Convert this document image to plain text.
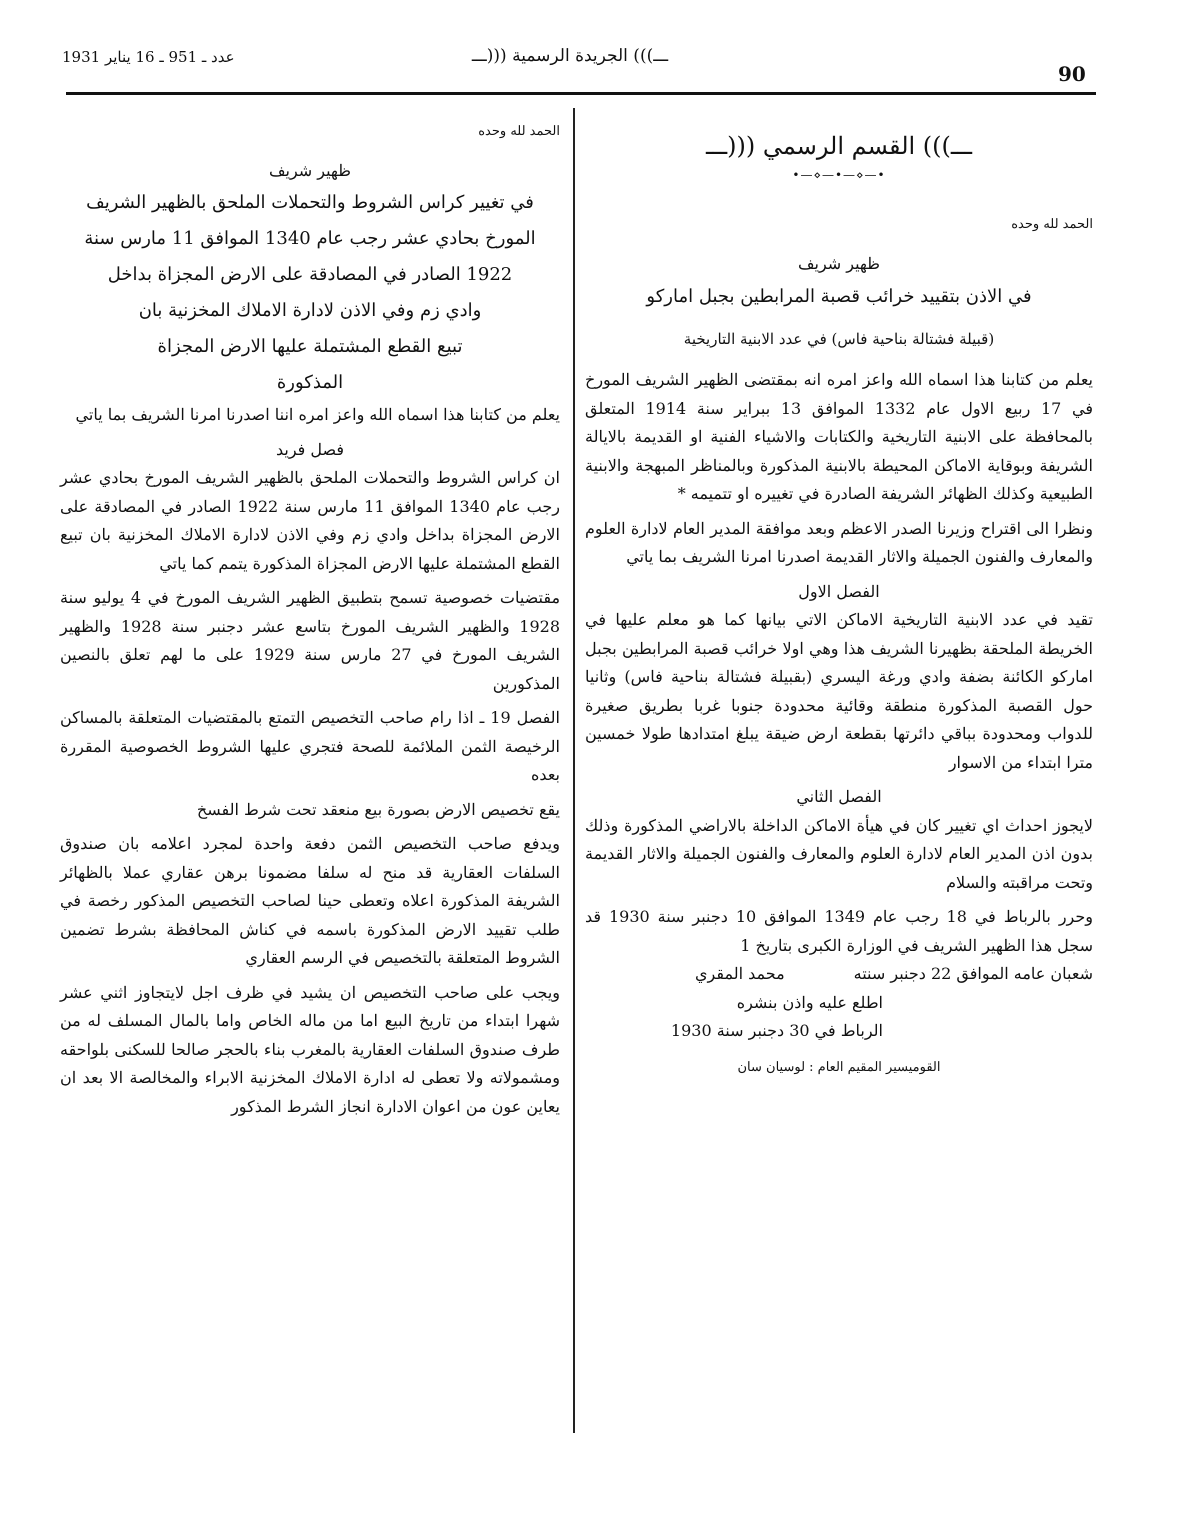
عدد ـ 951 ـ 16 يناير 1931	ـــ))) الجريدة الرسمية (((ـــ
90
ـــ))) القسم الرسمي (((ـــ
•—⋄—•—⋄—•
الحمد لله وحده
ظهير شريف
في الاذن بتقييد خرائب قصبة المرابطين بجبل امارکو
(قبيلة فشتالة بناحية فاس) في عدد الابنية التاريخية

يعلم من كتابنا هذا اسماه الله واعز امره انه بمقتضى الظهير الشريف المورخ في 17 ربيع الاول عام 1332 الموافق 13 ببراير سنة 1914 المتعلق بالمحافظة على الابنية التاريخية والكتابات والاشياء الفنية او القديمة بالايالة الشريفة وبوقاية الاماكن المحيطة بالابنية المذكورة وبالمناظر المبهجة والابنية الطبيعية وكذلك الظهائر الشريفة الصادرة في تغييره او تتميمه *

ونظرا الى اقتراح وزيرنا الصدر الاعظم وبعد موافقة المدير العام لادارة العلوم والمعارف والفنون الجميلة والاثار القديمة اصدرنا امرنا الشريف بما ياتي

الفصل الاول

تقيد في عدد الابنية التاريخية الاماكن الاتي بيانها كما هو معلم عليها في الخريطة الملحقة بظهيرنا الشريف هذا وهي اولا خرائب قصبة المرابطين بجبل امارکو الكائنة بضفة وادي ورغة اليسري (بقبيلة فشتالة بناحية فاس) وثانيا حول القصبة المذكورة منطقة وقائية محدودة جنوبا غربا بطريق صغيرة للدواب ومحدودة بباقي دائرتها بقطعة ارض ضيقة يبلغ امتدادها طولا خمسين مترا ابتداء من الاسوار

الفصل الثاني

لايجوز احداث اي تغيير كان في هيأة الاماكن الداخلة بالاراضي المذكورة وذلك بدون اذن المدير العام لادارة العلوم والمعارف والفنون الجميلة والاثار القديمة وتحت مراقبته والسلام

وحرر بالرباط في 18 رجب عام 1349 الموافق 10 دجنبر سنة 1930 قد سجل هذا الظهير الشريف في الوزارة الكبرى بتاريخ 1

شعبان عامه الموافق 22 دجنبر سنته
محمد المقري
اطلع عليه واذن بنشره
الرباط في 30 دجنبر سنة 1930
القوميسير المقيم العام : لوسيان سان
الحمد لله وحده
ظهير شريف
في تغيير كراس الشروط والتحملات الملحق بالظهير الشريف
المورخ بحادي عشر رجب عام 1340 الموافق 11 مارس سنة
1922 الصادر في المصادقة على الارض المجزاة بداخل
وادي زم وفي الاذن لادارة الاملاك المخزنية بان
تبيع القطع المشتملة عليها الارض المجزاة
المذكورة

يعلم من كتابنا هذا اسماه الله واعز امره اننا اصدرنا امرنا الشريف بما ياتي

فصل فريد

ان كراس الشروط والتحملات الملحق بالظهير الشريف المورخ بحادي عشر رجب عام 1340 الموافق 11 مارس سنة 1922 الصادر في المصادقة على الارض المجزاة بداخل وادي زم وفي الاذن لادارة الاملاك المخزنية بان تبيع القطع المشتملة عليها الارض المجزاة المذكورة يتمم كما ياتي

مقتضيات خصوصية تسمح بتطبيق الظهير الشريف المورخ في 4 يوليو سنة 1928 والظهير الشريف المورخ بتاسع عشر دجنبر سنة 1928 والظهير الشريف المورخ في 27 مارس سنة 1929 على ما لهم تعلق بالنصين المذكورين

الفصل 19 ـ اذا رام صاحب التخصيص التمتع بالمقتضيات المتعلقة بالمساكن الرخيصة الثمن الملائمة للصحة فتجري عليها الشروط الخصوصية المقررة بعده

يقع تخصيص الارض بصورة بيع منعقد تحت شرط الفسخ

ويدفع صاحب التخصيص الثمن دفعة واحدة لمجرد اعلامه بان صندوق السلفات العقارية قد منح له سلفا مضمونا برهن عقاري عملا بالظهائر الشريفة المذكورة اعلاه وتعطى حينا لصاحب التخصيص المذكور رخصة في طلب تقييد الارض المذكورة باسمه في كناش المحافظة بشرط تضمين الشروط المتعلقة بالتخصيص في الرسم العقاري

ويجب على صاحب التخصيص ان يشيد في ظرف اجل لايتجاوز اثني عشر شهرا ابتداء من تاريخ البيع اما من ماله الخاص واما بالمال المسلف له من طرف صندوق السلفات العقارية بالمغرب بناء بالحجر صالحا للسكنى بلواحقه ومشمولاته ولا تعطى له ادارة الاملاك المخزنية الابراء والمخالصة الا بعد ان يعاين عون من اعوان الادارة انجاز الشرط المذكور
